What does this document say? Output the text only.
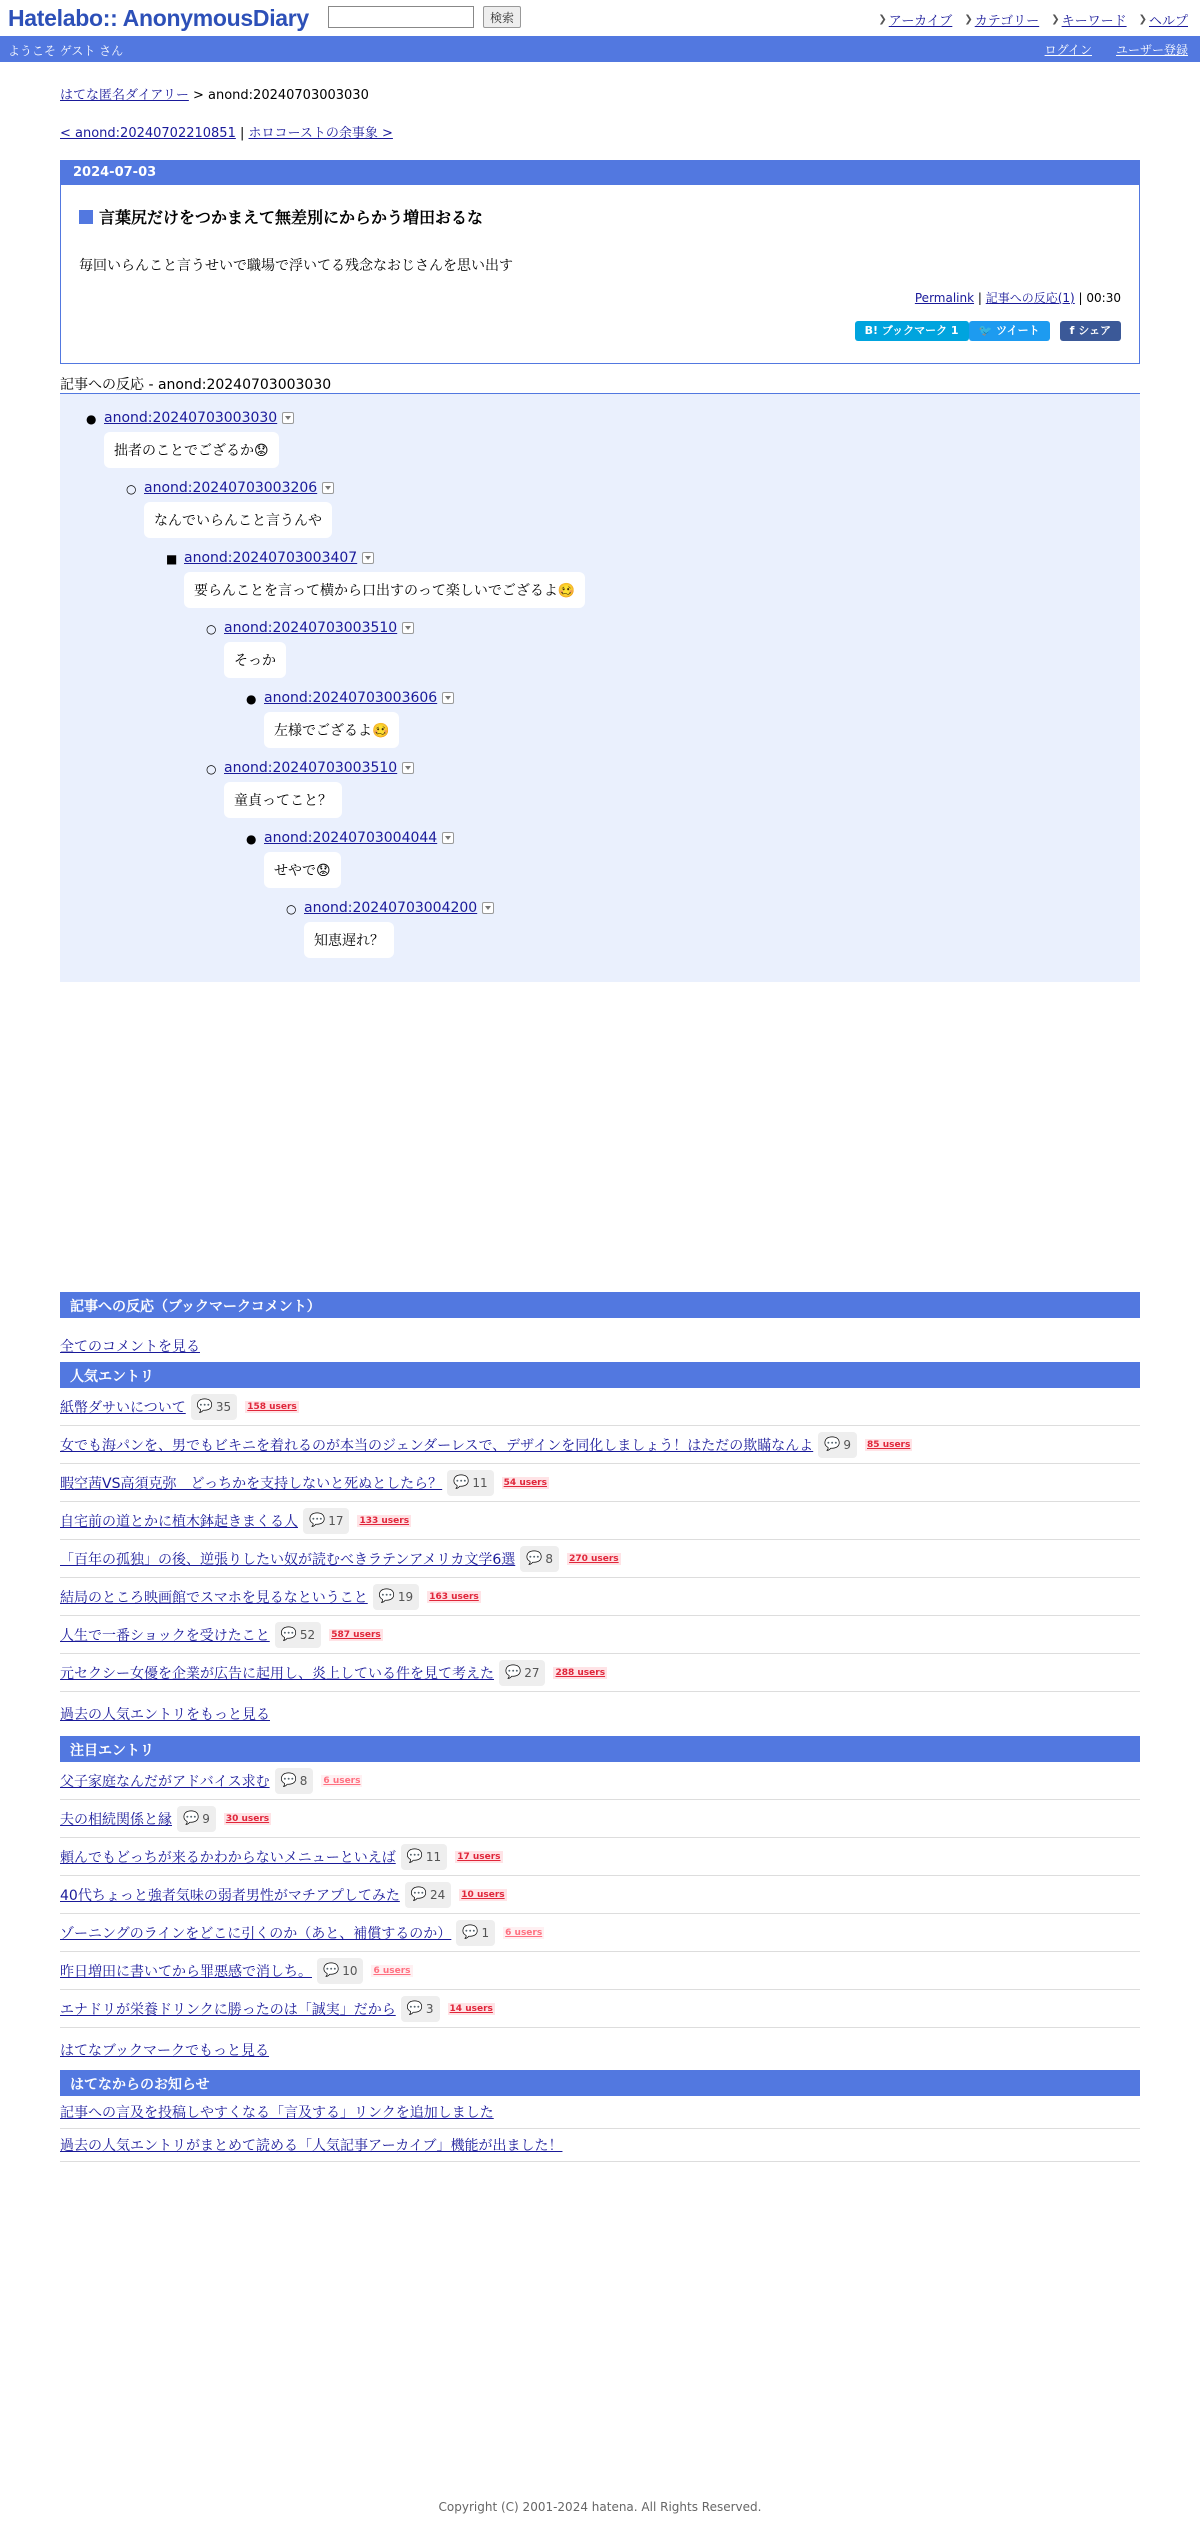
Hatelabo:: AnonymousDiary	検索	❯ アーカイブ ❯ カテゴリー ❯ キーワード ❯ ヘルプ
ようこそ ゲスト さん	ログイン ユーザー登録
はてな匿名ダイアリー > anond:20240703003030
< anond:20240702210851 | ホロコーストの余事象 >
2024-07-03
言葉尻だけをつかまえて無差別にからかう増田おるな
毎回いらんこと言うせいで職場で浮いてる残念なおじさんを思い出す
Permalink | 記事への反応(1) | 00:30
B! ブックマーク 1	🐦 ツイート	f シェア
記事への反応 - anond:20240703003030
● anond:20240703003030
拙者のことでござるか😟
○ anond:20240703003206
なんでいらんこと言うんや
■ anond:20240703003407
要らんことを言って横から口出すのって楽しいでござるよ🥴
○ anond:20240703003510
そっか
● anond:20240703003606
左様でござるよ🥴
○ anond:20240703003510
童貞ってこと？
● anond:20240703004044
せやで😟
○ anond:20240703004200
知恵遅れ？
記事への反応（ブックマークコメント）
全てのコメントを見る
人気エントリ
紙幣ダサいについて 💬 35 158 users
女でも海パンを、男でもビキニを着れるのが本当のジェンダーレスで、デザインを同化しましょう！はただの欺瞞なんよ 💬 9 85 users
暇空茜VS高須克弥　どっちかを支持しないと死ぬとしたら？ 💬 11 54 users
自宅前の道とかに植木鉢起きまくる人 💬 17 133 users
「百年の孤独」の後、逆張りしたい奴が読むべきラテンアメリカ文学6選 💬 8 270 users
結局のところ映画館でスマホを見るなということ 💬 19 163 users
人生で一番ショックを受けたこと 💬 52 587 users
元セクシー女優を企業が広告に起用し、炎上している件を見て考えた 💬 27 288 users
過去の人気エントリをもっと見る
注目エントリ
父子家庭なんだがアドバイス求む 💬 8 6 users
夫の相続関係と縁 💬 9 30 users
頼んでもどっちが来るかわからないメニューといえば 💬 11 17 users
40代ちょっと強者気味の弱者男性がマチアプしてみた 💬 24 10 users
ゾーニングのラインをどこに引くのか（あと、補償するのか） 💬 1 6 users
昨日増田に書いてから罪悪感で消しち。 💬 10 6 users
エナドリが栄養ドリンクに勝ったのは「誠実」だから 💬 3 14 users
はてなブックマークでもっと見る
はてなからのお知らせ
記事への言及を投稿しやすくなる「言及する」リンクを追加しました
過去の人気エントリがまとめて読める「人気記事アーカイブ」機能が出ました！
Copyright (C) 2001-2024 hatena. All Rights Reserved.
